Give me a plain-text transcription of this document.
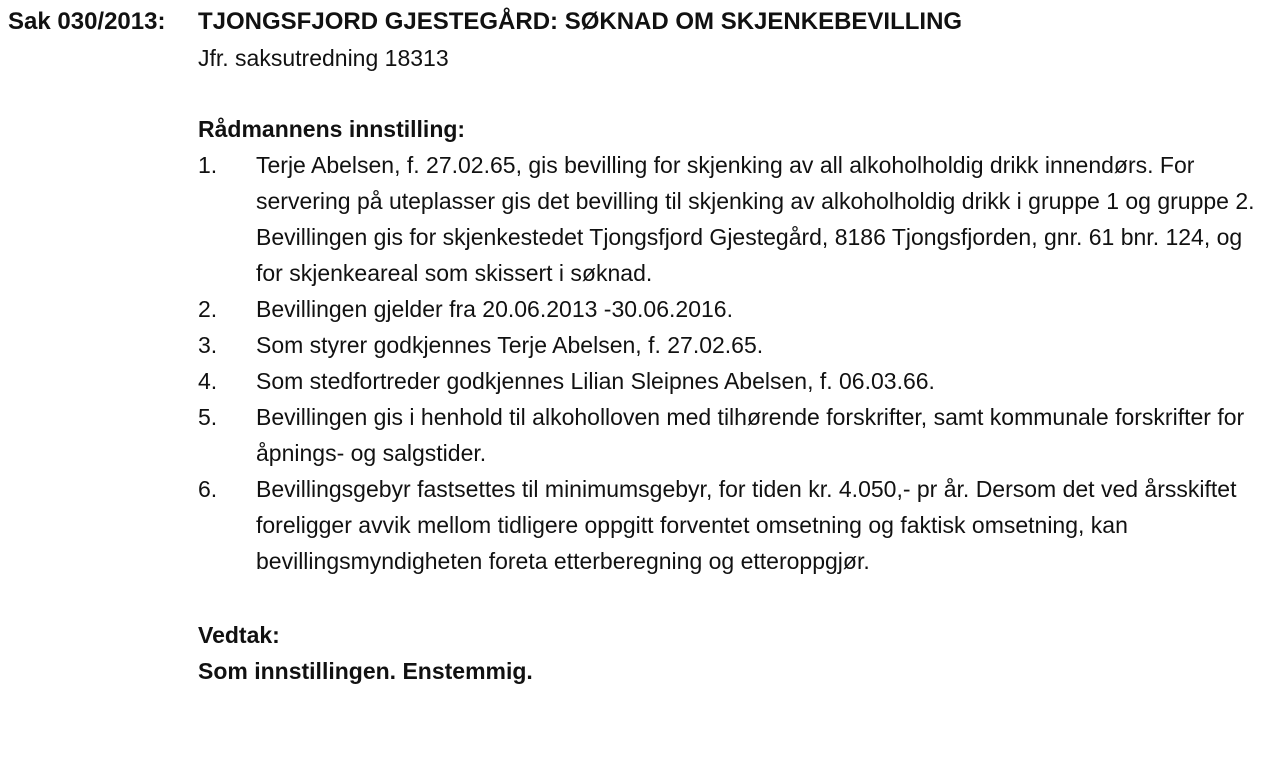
Sak 030/2013:	TJONGSFJORD GJESTEGÅRD: SØKNAD OM SKJENKEBEVILLING

Jfr. saksutredning 18313

Rådmannens innstilling:

1.	Terje Abelsen, f. 27.02.65, gis bevilling for skjenking av all alkoholholdig drikk innendørs. For servering på uteplasser gis det bevilling til skjenking av alkoholholdig drikk i gruppe 1 og gruppe 2. Bevillingen gis for skjenkestedet Tjongsfjord Gjestegård, 8186 Tjongsfjorden, gnr. 61 bnr. 124, og for skjenkeareal som skissert i søknad.
2.	Bevillingen gjelder fra 20.06.2013 -30.06.2016.
3.	Som styrer godkjennes Terje Abelsen, f. 27.02.65.
4.	Som stedfortreder godkjennes Lilian Sleipnes Abelsen, f. 06.03.66.
5.	Bevillingen gis i henhold til alkoholloven med tilhørende forskrifter, samt kommunale forskrifter for åpnings- og salgstider.
6.	Bevillingsgebyr fastsettes til minimumsgebyr, for tiden kr. 4.050,- pr år. Dersom det ved årsskiftet foreligger avvik mellom tidligere oppgitt forventet omsetning og faktisk omsetning, kan bevillingsmyndigheten foreta etterberegning og etteroppgjør.

Vedtak:

Som innstillingen. Enstemmig.
